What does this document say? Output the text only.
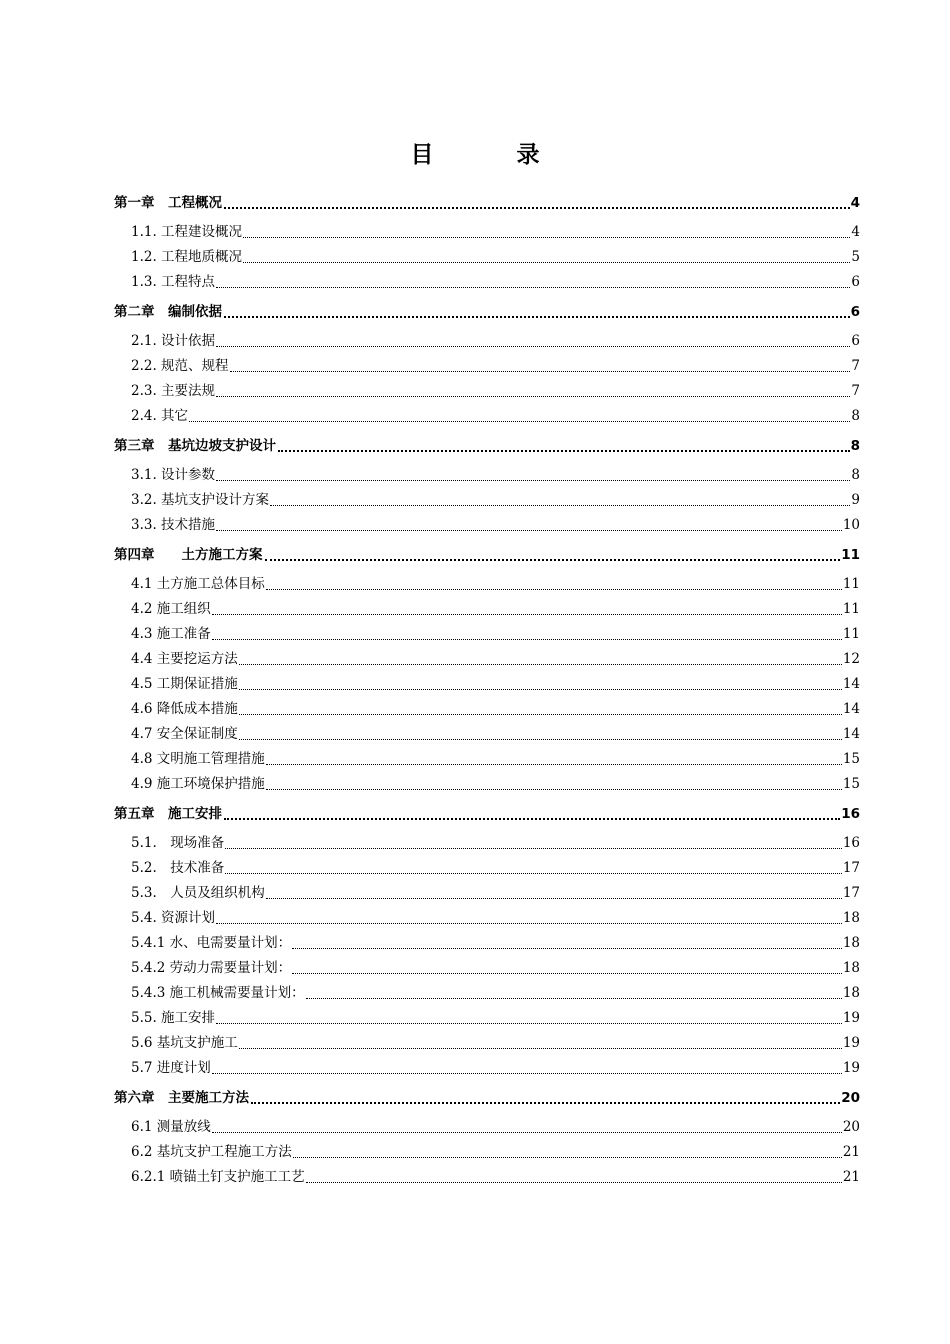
目　录
第一章　工程概况	4
1.1. 工程建设概况	4
1.2. 工程地质概况	5
1.3. 工程特点	6
第二章　编制依据	6
2.1. 设计依据	6
2.2. 规范、规程	7
2.3. 主要法规	7
2.4. 其它	8
第三章　基坑边坡支护设计	8
3.1. 设计参数	8
3.2. 基坑支护设计方案	9
3.3. 技术措施	10
第四章　　土方施工方案	11
4.1 土方施工总体目标	11
4.2 施工组织	11
4.3 施工准备	11
4.4 主要挖运方法	12
4.5 工期保证措施	14
4.6 降低成本措施	14
4.7 安全保证制度	14
4.8 文明施工管理措施	15
4.9 施工环境保护措施	15
第五章　施工安排	16
5.1.　现场准备	16
5.2.　技术准备	17
5.3.　人员及组织机构	17
5.4. 资源计划	18
5.4.1 水、电需要量计划：	18
5.4.2 劳动力需要量计划：	18
5.4.3 施工机械需要量计划：	18
5.5. 施工安排	19
5.6 基坑支护施工	19
5.7 进度计划	19
第六章　主要施工方法	20
6.1 测量放线	20
6.2 基坑支护工程施工方法	21
6.2.1 喷锚土钉支护施工工艺	21
